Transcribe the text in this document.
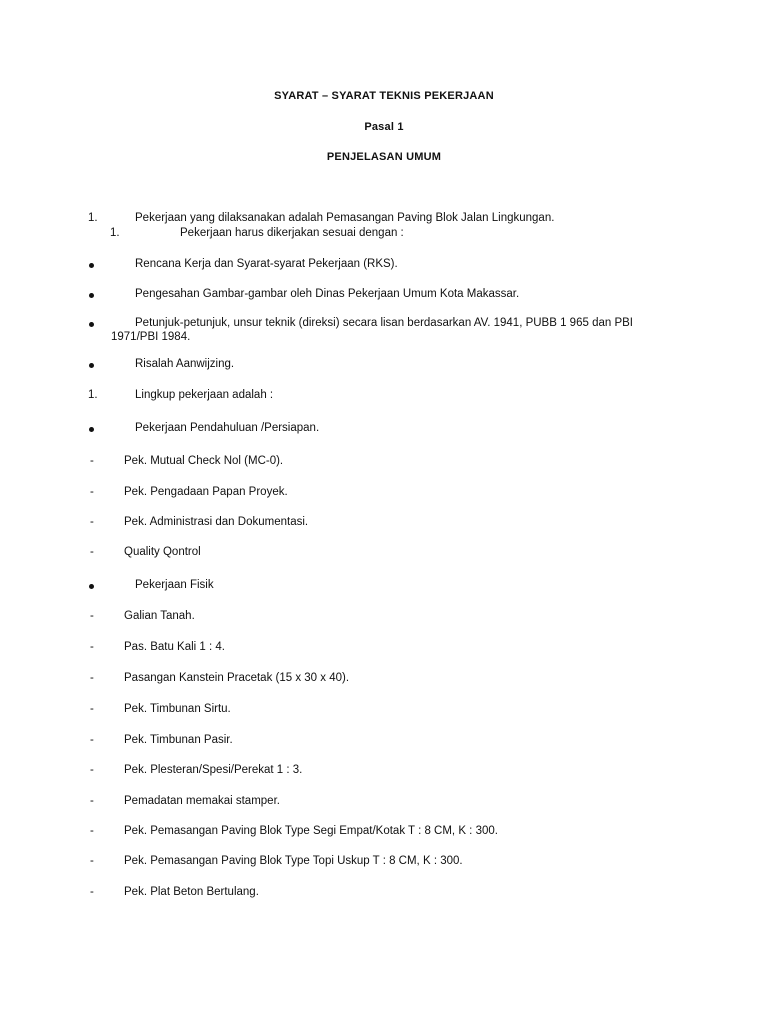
SYARAT – SYARAT TEKNIS PEKERJAAN
Pasal 1
PENJELASAN UMUM
1.	Pekerjaan yang dilaksanakan adalah Pemasangan Paving Blok Jalan Lingkungan.
1.	Pekerjaan harus dikerjakan sesuai dengan :
Rencana Kerja dan Syarat-syarat Pekerjaan (RKS).
Pengesahan Gambar-gambar oleh Dinas Pekerjaan Umum Kota Makassar.
Petunjuk-petunjuk, unsur teknik (direksi) secara lisan berdasarkan AV. 1941, PUBB 1 965 dan PBI
1971/PBI 1984.
Risalah Aanwijzing.
1.	Lingkup pekerjaan adalah :
Pekerjaan Pendahuluan /Persiapan.
-	Pek. Mutual Check Nol (MC-0).
-	Pek. Pengadaan Papan Proyek.
-	Pek. Administrasi dan Dokumentasi.
-	Quality Qontrol
Pekerjaan Fisik
-	Galian Tanah.
-	Pas. Batu Kali 1 : 4.
-	Pasangan Kanstein Pracetak (15 x 30 x 40).
-	Pek. Timbunan Sirtu.
-	Pek. Timbunan Pasir.
-	Pek. Plesteran/Spesi/Perekat 1 : 3.
-	Pemadatan memakai stamper.
-	Pek. Pemasangan Paving Blok Type Segi Empat/Kotak T : 8 CM, K : 300.
-	Pek. Pemasangan Paving Blok Type Topi Uskup T : 8 CM, K : 300.
-	Pek. Plat Beton Bertulang.
